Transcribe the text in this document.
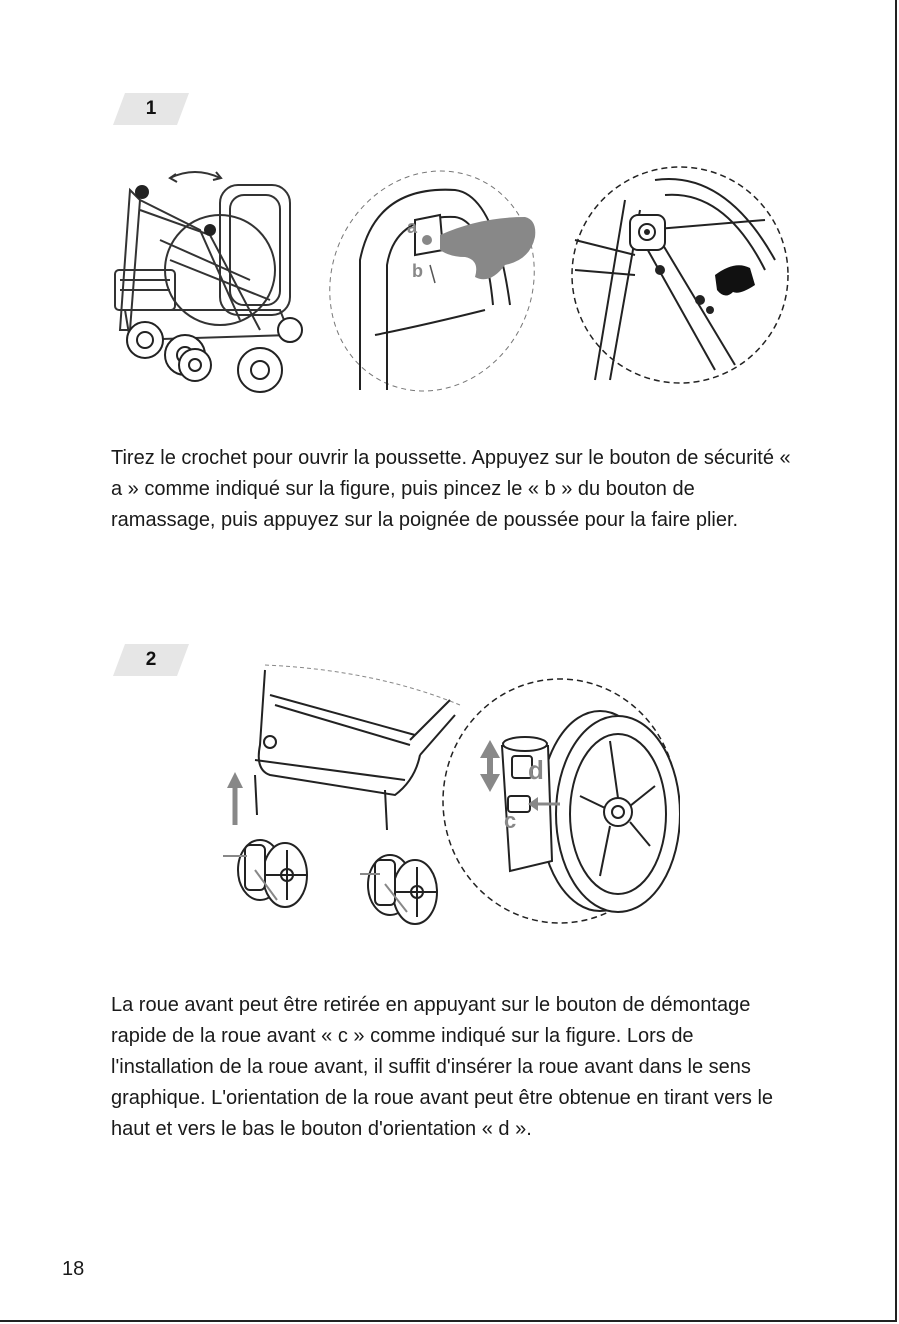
1
a
b

Tirez le crochet pour ouvrir la poussette. Appuyez sur le bouton de sécurité « a » comme indiqué sur la figure, puis pincez le « b » du bouton de ramassage, puis appuyez sur la poignée de poussée pour la faire plier.

2
d
c

La roue avant peut être retirée en appuyant sur le bouton de démontage rapide de la roue avant « c » comme indiqué sur la figure. Lors de l'installation de la roue avant, il suffit d'insérer la roue avant dans le sens graphique. L'orientation de la roue avant peut être obtenue en tirant vers le haut et vers le bas le bouton d'orientation « d ».

18
